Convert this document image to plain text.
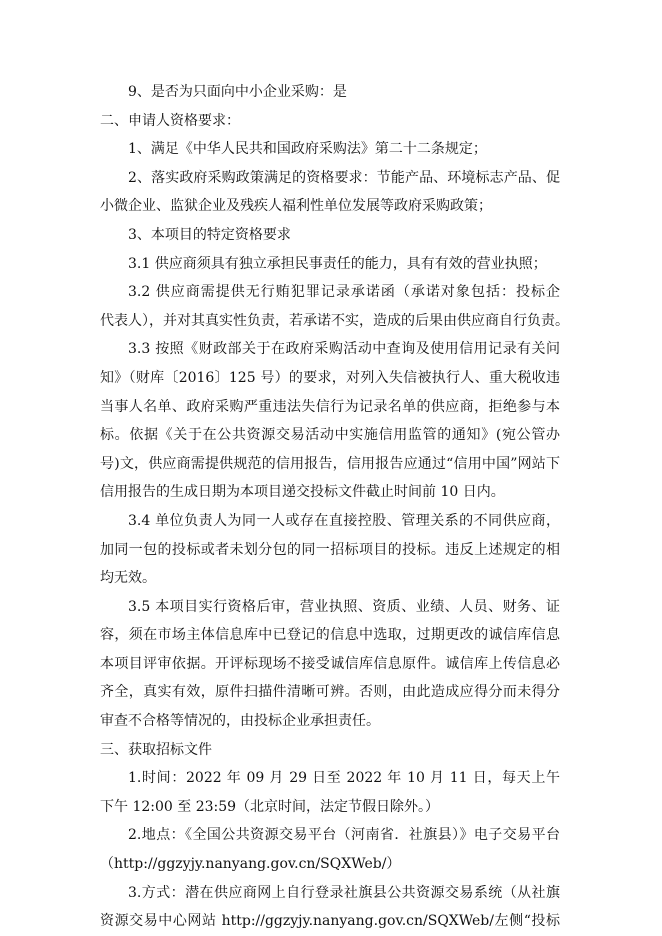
9、是否为只面向中小企业采购：是
二、申请人资格要求：
1、满足《中华人民共和国政府采购法》第二十二条规定；
2、落实政府采购政策满足的资格要求：节能产品、环境标志产品、促
小微企业、监狱企业及残疾人福利性单位发展等政府采购政策；
3、本项目的特定资格要求
3.1 供应商须具有独立承担民事责任的能力，具有有效的营业执照；
3.2 供应商需提供无行贿犯罪记录承诺函（承诺对象包括：投标企
代表人），并对其真实性负责，若承诺不实，造成的后果由供应商自行负责。
3.3 按照《财政部关于在政府采购活动中查询及使用信用记录有关问
知》（财库〔2016〕125 号）的要求，对列入失信被执行人、重大税收违
当事人名单、政府采购严重违法失信行为记录名单的供应商，拒绝参与本
标。依据《关于在公共资源交易活动中实施信用监管的通知》(宛公管办
号)文，供应商需提供规范的信用报告，信用报告应通过“信用中国”网站下
信用报告的生成日期为本项目递交投标文件截止时间前 10 日内。
3.4 单位负责人为同一人或存在直接控股、管理关系的不同供应商，
加同一包的投标或者未划分包的同一招标项目的投标。违反上述规定的相
均无效。
3.5 本项目实行资格后审，营业执照、资质、业绩、人员、财务、证
容，须在市场主体信息库中已登记的信息中选取，过期更改的诚信库信息
本项目评审依据。开评标现场不接受诚信库信息原件。诚信库上传信息必
齐全，真实有效，原件扫描件清晰可辨。否则，由此造成应得分而未得分
审查不合格等情况的，由投标企业承担责任。
三、获取招标文件
1.时间：2022 年 09 月 29 日至 2022 年 10 月 11 日，每天上午
下午 12:00 至 23:59（北京时间，法定节假日除外。）
2.地点：《全国公共资源交易平台（河南省．社旗县）》电子交易平台
（http://ggzyjy.nanyang.gov.cn/SQXWeb/）
3.方式：潜在供应商网上自行登录社旗县公共资源交易系统（从社旗
资源交易中心网站 http://ggzyjy.nanyang.gov.cn/SQXWeb/左侧“投标
